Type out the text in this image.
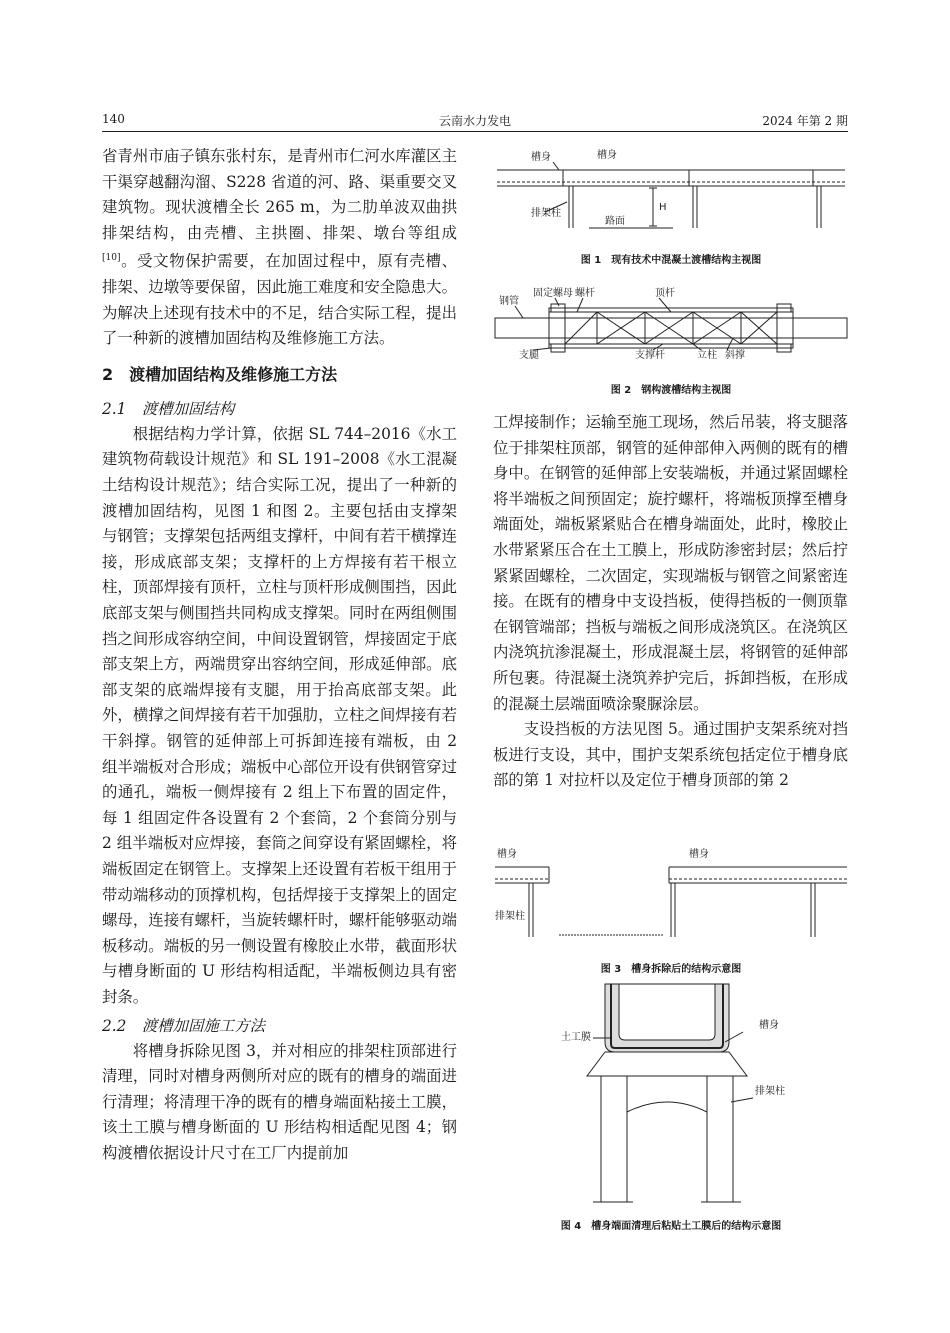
140	云南水力发电	2024 年第 2 期

省青州市庙子镇东张村东，是青州市仁河水库灌区主干渠穿越翻沟溜、S228 省道的河、路、渠重要交叉建筑物。现状渡槽全长 265 m，为二肋单波双曲拱排架结构，由壳槽、主拱圈、排架、墩台等组成[10]。受文物保护需要，在加固过程中，原有壳槽、排架、边墩等要保留，因此施工难度和安全隐患大。为解决上述现有技术中的不足，结合实际工程，提出了一种新的渡槽加固结构及维修施工方法。

2　渡槽加固结构及维修施工方法
2.1　渡槽加固结构

根据结构力学计算，依据 SL 744–2016《水工建筑物荷载设计规范》和 SL 191–2008《水工混凝土结构设计规范》；结合实际工况，提出了一种新的渡槽加固结构，见图 1 和图 2。主要包括由支撑架与钢管；支撑架包括两组支撑杆，中间有若干横撑连接，形成底部支架；支撑杆的上方焊接有若干根立柱，顶部焊接有顶杆，立柱与顶杆形成侧围挡，因此底部支架与侧围挡共同构成支撑架。同时在两组侧围挡之间形成容纳空间，中间设置钢管，焊接固定于底部支架上方，两端贯穿出容纳空间，形成延伸部。底部支架的底端焊接有支腿，用于抬高底部支架。此外，横撑之间焊接有若干加强肋，立柱之间焊接有若干斜撑。钢管的延伸部上可拆卸连接有端板，由 2 组半端板对合形成；端板中心部位开设有供钢管穿过的通孔，端板一侧焊接有 2 组上下布置的固定件，每 1 组固定件各设置有 2 个套筒，2 个套筒分别与 2 组半端板对应焊接，套筒之间穿设有紧固螺栓，将端板固定在钢管上。支撑架上还设置有若板干组用于带动端移动的顶撑机构，包括焊接于支撑架上的固定螺母，连接有螺杆，当旋转螺杆时，螺杆能够驱动端板移动。端板的另一侧设置有橡胶止水带，截面形状与槽身断面的 U 形结构相适配，半端板侧边具有密封条。

2.2　渡槽加固施工方法

将槽身拆除见图 3，并对相应的排架柱顶部进行清理，同时对槽身两侧所对应的既有的槽身的端面进行清理；将清理干净的既有的槽身端面粘接土工膜，该土工膜与槽身断面的 U 形结构相适配见图 4；钢构渡槽依据设计尺寸在工厂内提前加

工焊接制作；运输至施工现场，然后吊装，将支腿落位于排架柱顶部，钢管的延伸部伸入两侧的既有的槽身中。在钢管的延伸部上安装端板，并通过紧固螺栓将半端板之间预固定；旋拧螺杆，将端板顶撑至槽身端面处，端板紧紧贴合在槽身端面处，此时，橡胶止水带紧紧压合在土工膜上，形成防渗密封层；然后拧紧紧固螺栓，二次固定，实现端板与钢管之间紧密连接。在既有的槽身中支设挡板，使得挡板的一侧顶靠在钢管端部；挡板与端板之间形成浇筑区。在浇筑区内浇筑抗渗混凝土，形成混凝土层，将钢管的延伸部所包裹。待混凝土浇筑养护完后，拆卸挡板，在形成的混凝土层端面喷涂聚脲涂层。

支设挡板的方法见图 5。通过围护支架系统对挡板进行支设，其中，围护支架系统包括定位于槽身底部的第 1 对拉杆以及定位于槽身顶部的第 2

槽身	槽身
排架柱
路面
H
图 1　现有技术中混凝土渡槽结构主视图
固定螺母 螺杆	顶杆
钢管
支腿	支撑杆	立柱 斜撑
图 2　钢构渡槽结构主视图
槽身	槽身
排架柱
图 3　槽身拆除后的结构示意图
土工膜
槽身
排架柱
图 4　槽身端面清理后粘贴土工膜后的结构示意图
